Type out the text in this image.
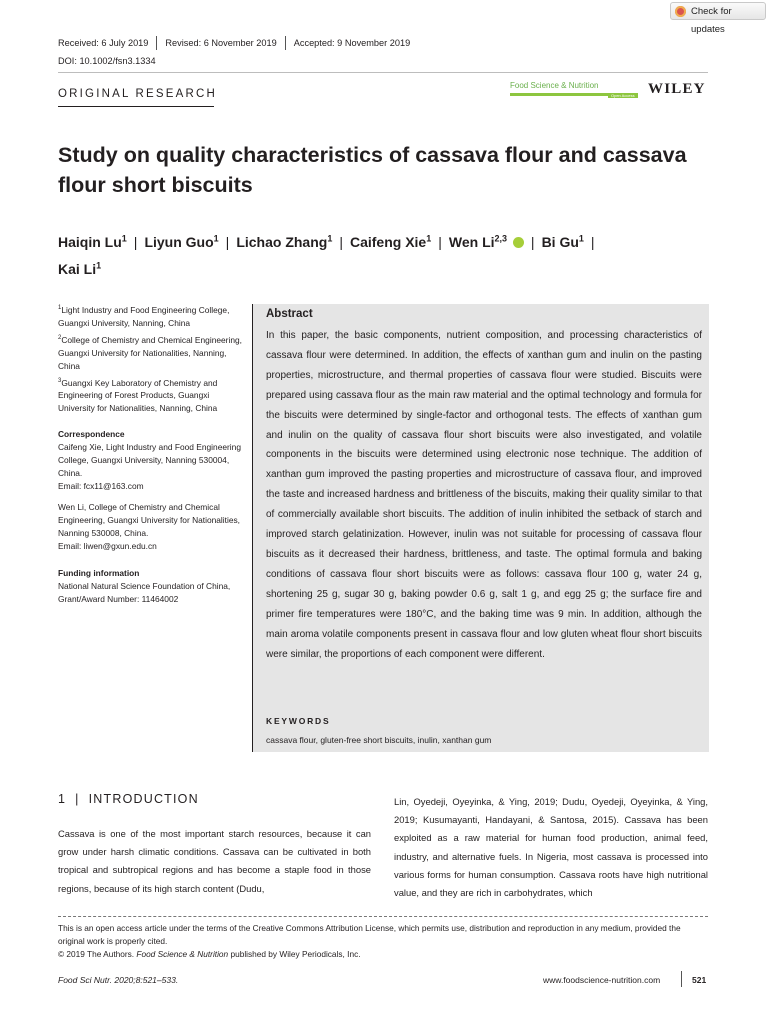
Check for updates
Received: 6 July 2019 Revised: 6 November 2019 Accepted: 9 November 2019
DOI: 10.1002/fsn3.1334
ORIGINAL RESEARCH
Food Science & Nutrition
Open Access WILEY
Study on quality characteristics of cassava flour and cassava flour short biscuits
Haiqin Lu$^1$ | Liyun Guo$^1$ | Lichao Zhang$^1$ | Caifeng Xie$^1$ | Wen Li$^{2,3}$ | Bi Gu$^1$ |
Kai Li$^1$
$^1$Light Industry and Food Engineering College, Guangxi University, Nanning, China
$^2$College of Chemistry and Chemical Engineering, Guangxi University for Nationalities, Nanning, China
$^3$Guangxi Key Laboratory of Chemistry and Engineering of Forest Products, Guangxi University for Nationalities, Nanning, China
Correspondence
Caifeng Xie, Light Industry and Food Engineering College, Guangxi University, Nanning 530004, China.
Email: fcx11@163.com
Wen Li, College of Chemistry and Chemical Engineering, Guangxi University for Nationalities, Nanning 530008, China.
Email: liwen@gxun.edu.cn
Funding information
National Natural Science Foundation of China, Grant/Award Number: 11464002
Abstract
In this paper, the basic components, nutrient composition, and processing characteristics of cassava flour were determined. In addition, the effects of xanthan gum and inulin on the pasting properties, microstructure, and thermal properties of cassava flour were studied. Biscuits were prepared using cassava flour as the main raw material and the optimal technology and formula for the biscuits were determined by single-factor and orthogonal tests. The effects of xanthan gum and inulin on the quality of cassava flour short biscuits were also investigated, and volatile components in the biscuits were determined using electronic nose technique. The addition of xanthan gum improved the pasting properties and microstructure of cassava flour, and improved the taste and increased hardness and brittleness of the biscuits, making their quality similar to that of commercially available short biscuits. The addition of inulin inhibited the setback of starch and improved starch gelatinization. However, inulin was not suitable for processing of cassava flour biscuits as it decreased their hardness, brittleness, and taste. The optimal formula and baking conditions of cassava flour short biscuits were as follows: cassava flour 100 g, water 24 g, shortening 25 g, sugar 30 g, baking powder 0.6 g, salt 1 g, and egg 25 g; the surface fire and primer fire temperatures were 180°C, and the baking time was 9 min. In addition, although the main aroma volatile components present in cassava flour and low gluten wheat flour short biscuits were similar, the proportions of each component were different.
KEYWORDS
cassava flour, gluten-free short biscuits, inulin, xanthan gum
1 | INTRODUCTION
Cassava is one of the most important starch resources, because it can grow under harsh climatic conditions. Cassava can be cultivated in both tropical and subtropical regions and has become a staple food in those regions, because of its high starch content (Dudu,
Lin, Oyedeji, Oyeyinka, & Ying, 2019; Dudu, Oyedeji, Oyeyinka, & Ying, 2019; Kusumayanti, Handayani, & Santosa, 2015). Cassava has been exploited as a raw material for human food production, animal feed, industry, and alternative fuels. In Nigeria, most cassava is processed into various forms for human consumption. Cassava roots have high nutritional value, and they are rich in carbohydrates, which
This is an open access article under the terms of the Creative Commons Attribution License, which permits use, distribution and reproduction in any medium, provided the original work is properly cited.
© 2019 The Authors. Food Science & Nutrition published by Wiley Periodicals, Inc.
Food Sci Nutr. 2020;8:521–533.	www.foodscience-nutrition.com	521
